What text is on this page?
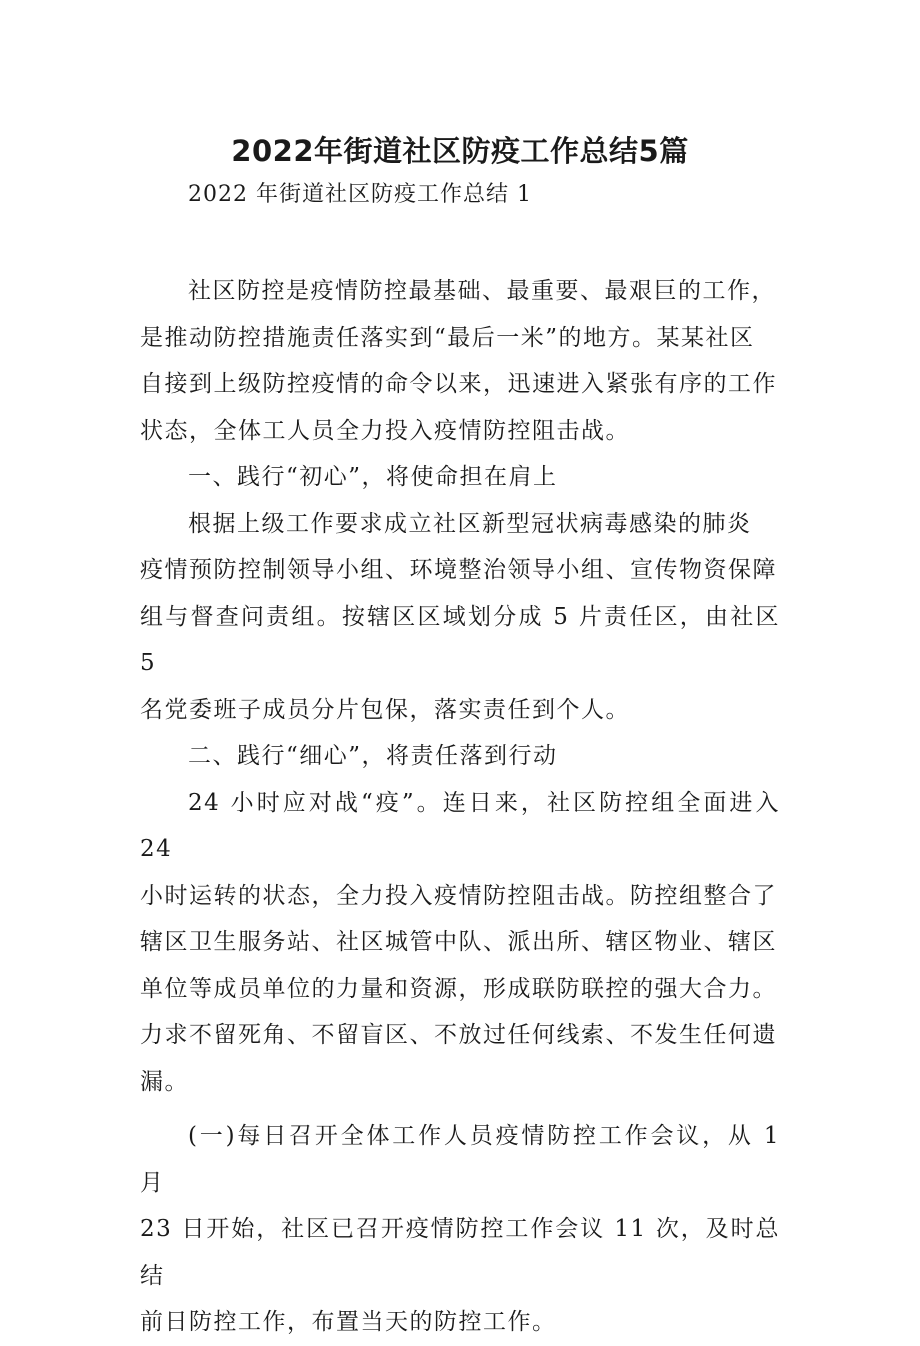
2022年街道社区防疫工作总结5篇
2022 年街道社区防疫工作总结 1

社区防控是疫情防控最基础、最重要、最艰巨的工作，
是推动防控措施责任落实到“最后一米”的地方。某某社区
自接到上级防控疫情的命令以来，迅速进入紧张有序的工作
状态，全体工人员全力投入疫情防控阻击战。

一、践行“初心”，将使命担在肩上

根据上级工作要求成立社区新型冠状病毒感染的肺炎
疫情预防控制领导小组、环境整治领导小组、宣传物资保障
组与督查问责组。按辖区区域划分成 5 片责任区，由社区 5
名党委班子成员分片包保，落实责任到个人。

二、践行“细心”，将责任落到行动

24 小时应对战“疫”。连日来，社区防控组全面进入 24
小时运转的状态，全力投入疫情防控阻击战。防控组整合了
辖区卫生服务站、社区城管中队、派出所、辖区物业、辖区
单位等成员单位的力量和资源，形成联防联控的强大合力。
力求不留死角、不留盲区、不放过任何线索、不发生任何遗
漏。

(一)每日召开全体工作人员疫情防控工作会议，从 1 月
23 日开始，社区已召开疫情防控工作会议 11 次，及时总结
前日防控工作，布置当天的防控工作。
